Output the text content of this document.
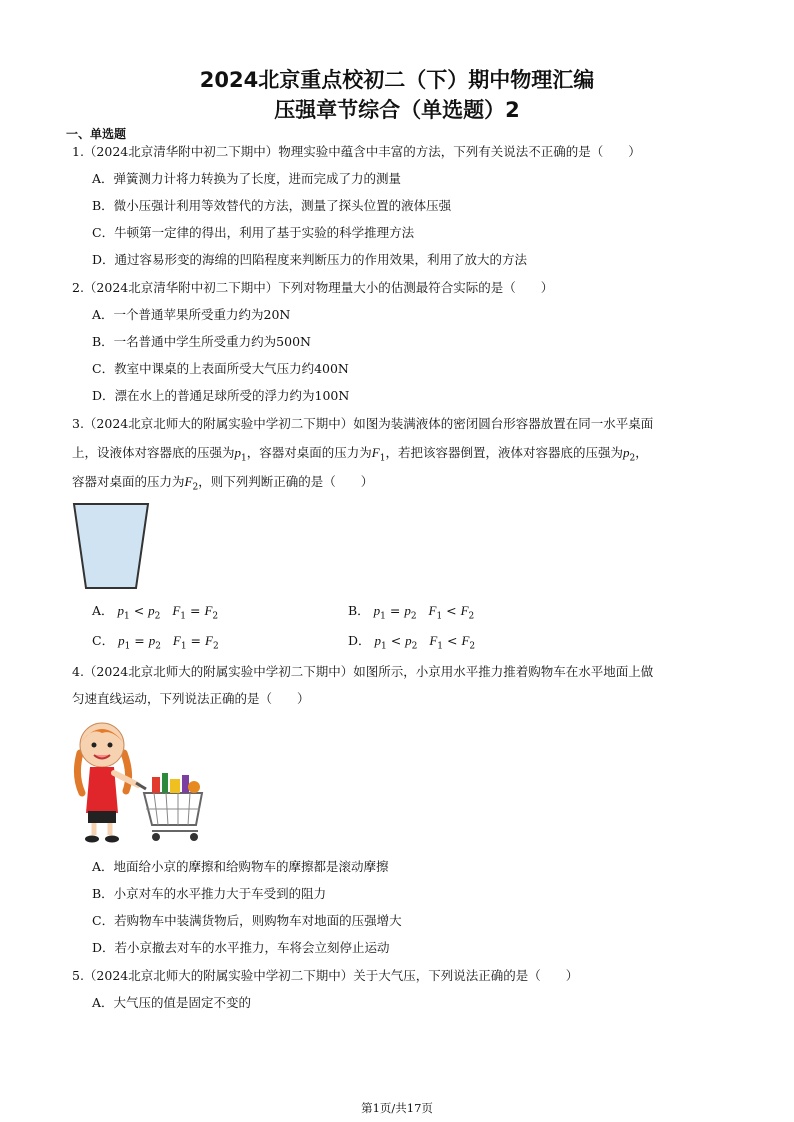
2024北京重点校初二（下）期中物理汇编
压强章节综合（单选题）2
一、单选题
1.（2024北京清华附中初二下期中）物理实验中蕴含中丰富的方法，下列有关说法不正确的是（　　）
A．弹簧测力计将力转换为了长度，进而完成了力的测量
B．微小压强计利用等效替代的方法，测量了探头位置的液体压强
C．牛顿第一定律的得出，利用了基于实验的科学推理方法
D．通过容易形变的海绵的凹陷程度来判断压力的作用效果，利用了放大的方法
2.（2024北京清华附中初二下期中）下列对物理量大小的估测最符合实际的是（　　）
A．一个普通苹果所受重力约为20N
B．一名普通中学生所受重力约为500N
C．教室中课桌的上表面所受大气压力约400N
D．漂在水上的普通足球所受的浮力约为100N
3.（2024北京北师大的附属实验中学初二下期中）如图为装满液体的密闭圆台形容器放置在同一水平桌面
上，设液体对容器底的压强为$p_1$，容器对桌面的压力为$F_1$，若把该容器倒置，液体对容器底的压强为$p_2$，
容器对桌面的压力为$F_2$，则下列判断正确的是（　　）
A． $p_1 < p_2$ $F_1 = F_2$	B． $p_1 = p_2$ $F_1 < F_2$
C． $p_1 = p_2$ $F_1 = F_2$	D． $p_1 < p_2$ $F_1 < F_2$
4.（2024北京北师大的附属实验中学初二下期中）如图所示，小京用水平推力推着购物车在水平地面上做
匀速直线运动，下列说法正确的是（　　）
A．地面给小京的摩擦和给购物车的摩擦都是滚动摩擦
B．小京对车的水平推力大于车受到的阻力
C．若购物车中装满货物后，则购物车对地面的压强增大
D．若小京撤去对车的水平推力，车将会立刻停止运动
5.（2024北京北师大的附属实验中学初二下期中）关于大气压，下列说法正确的是（　　）
A．大气压的值是固定不变的
第1页/共17页
